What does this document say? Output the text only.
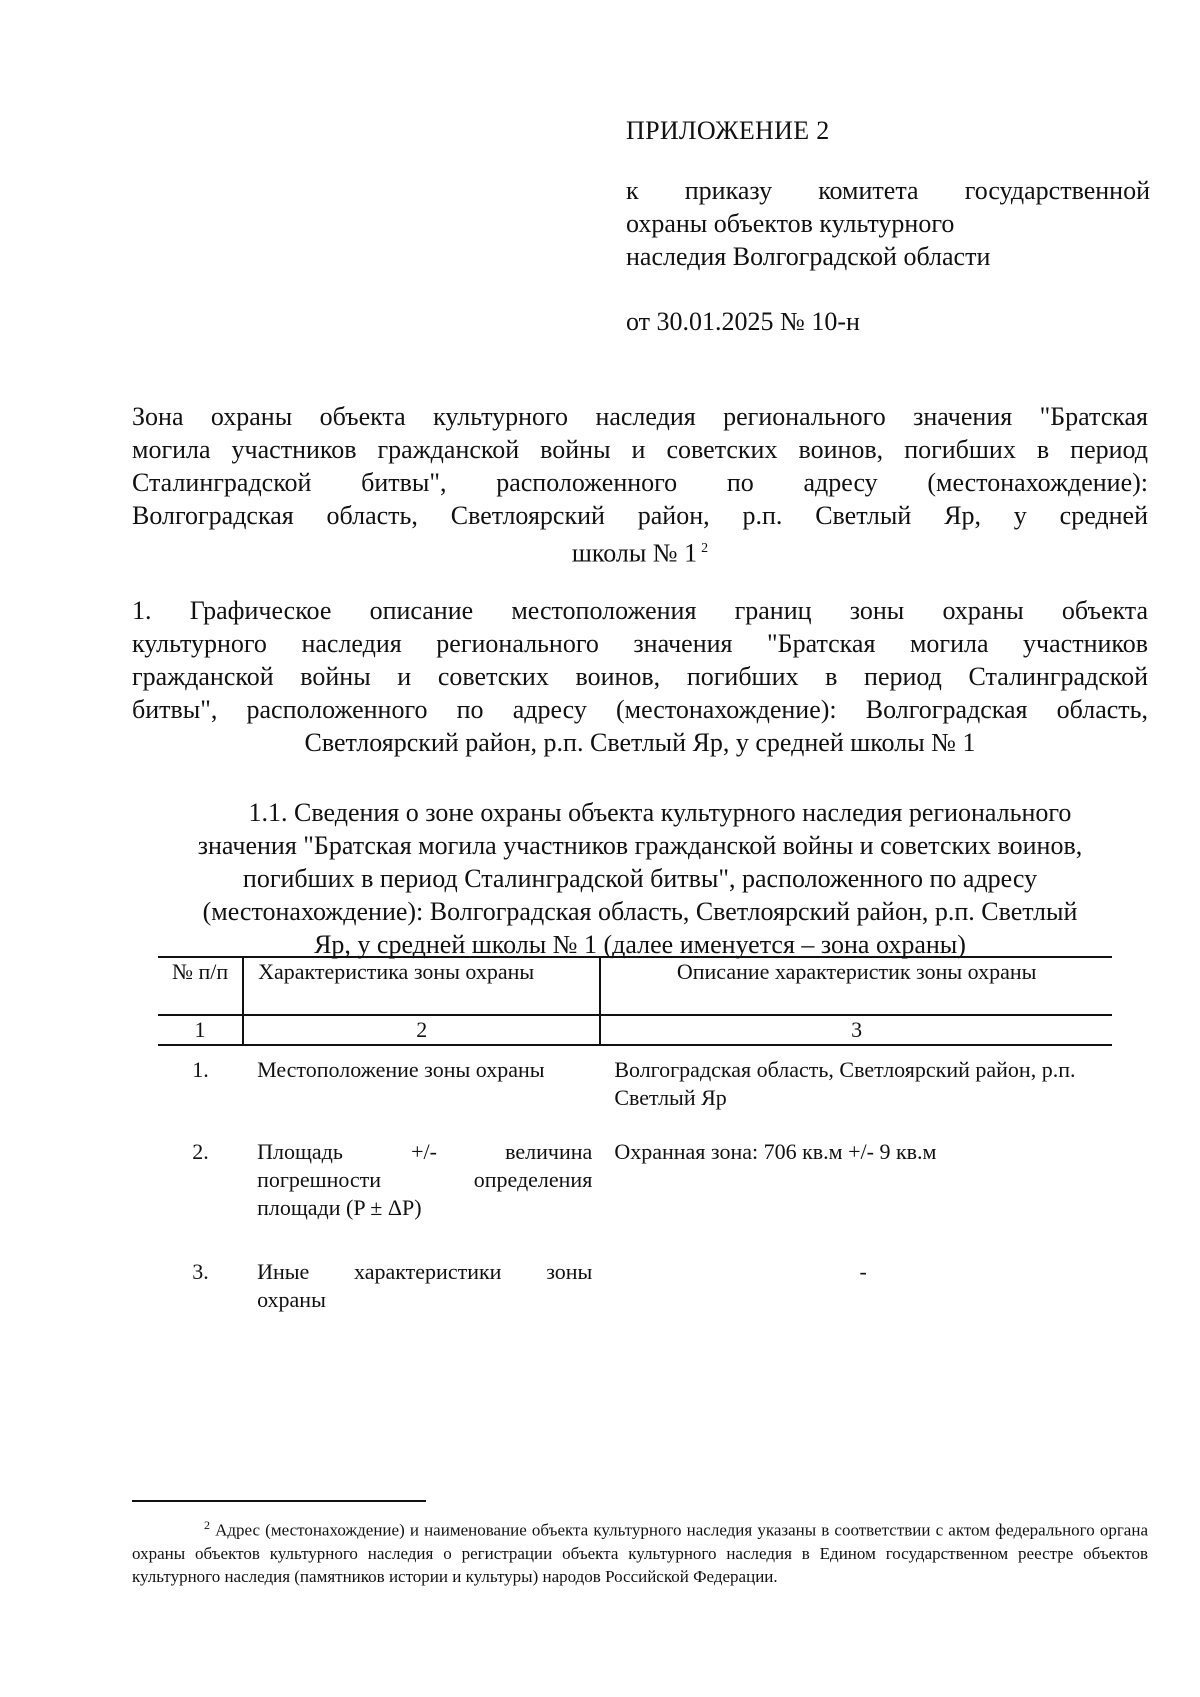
ПРИЛОЖЕНИЕ 2
к приказу комитета государственной
охраны объектов культурного
наследия Волгоградской области
от 30.01.2025 № 10-н
Зона охраны объекта культурного наследия регионального значения "Братская
могила участников гражданской войны и советских воинов, погибших в период
Сталинградской битвы", расположенного по адресу (местонахождение):
Волгоградская область, Светлоярский район, р.п. Светлый Яр, у средней
школы № 1 $^2$
1. Графическое описание местоположения границ зоны охраны объекта
культурного наследия регионального значения "Братская могила участников
гражданской войны и советских воинов, погибших в период Сталинградской
битвы", расположенного по адресу (местонахождение): Волгоградская область,
Светлоярский район, р.п. Светлый Яр, у средней школы № 1
1.1. Сведения о зоне охраны объекта культурного наследия регионального
значения "Братская могила участников гражданской войны и советских воинов,
погибших в период Сталинградской битвы", расположенного по адресу
(местонахождение): Волгоградская область, Светлоярский район, р.п. Светлый
Яр, у средней школы № 1 (далее именуется – зона охраны)
№ п/п	Характеристика зоны охраны	Описание характеристик зоны охраны
1	2	3
1.	Местоположение зоны охраны	Волгоградская область, Светлоярский район, р.п. Светлый Яр
2.	Площадь +/- величина
погрешности определения
площади (P ± ΔP)	Охранная зона: 706 кв.м +/- 9 кв.м
3.	Иные характеристики зоны
охраны	-
$^2$ Адрес (местонахождение) и наименование объекта культурного наследия указаны в соответствии с актом федерального органа охраны объектов культурного наследия о регистрации объекта культурного наследия в Едином государственном реестре объектов культурного наследия (памятников истории и культуры) народов Российской Федерации.
